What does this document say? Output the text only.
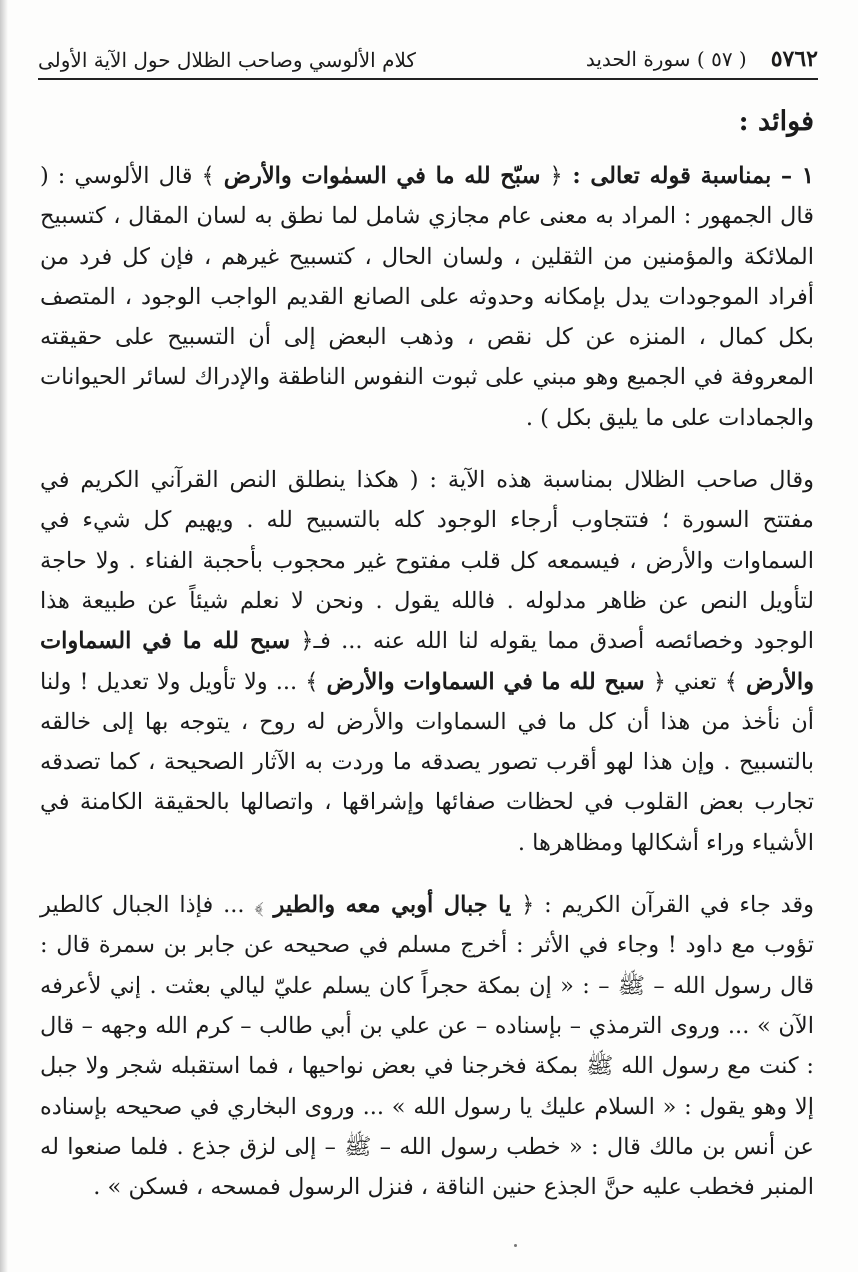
٥٧٦٢
( ٥٧ ) سورة الحديد
كلام الألوسي وصاحب الظلال حول الآية الأولى

فوائد :

١ – بمناسبة قوله تعالى : ﴿ سبّح لله ما في السمٰوات والأرض ﴾ قال الألوسي : ( قال الجمهور : المراد به معنى عام مجازي شامل لما نطق به لسان المقال ، كتسبيح الملائكة والمؤمنين من الثقلين ، ولسان الحال ، كتسبيح غيرهم ، فإن كل فرد من أفراد الموجودات يدل بإمكانه وحدوثه على الصانع القديم الواجب الوجود ، المتصف بكل كمال ، المنزه عن كل نقص ، وذهب البعض إلى أن التسبيح على حقيقته المعروفة في الجميع وهو مبني على ثبوت النفوس الناطقة والإدراك لسائر الحيوانات والجمادات على ما يليق بكل ) .

وقال صاحب الظلال بمناسبة هذه الآية : ( هكذا ينطلق النص القرآني الكريم في مفتتح السورة ؛ فتتجاوب أرجاء الوجود كله بالتسبيح لله . ويهيم كل شيء في السماوات والأرض ، فيسمعه كل قلب مفتوح غير محجوب بأحجبة الفناء . ولا حاجة لتأويل النص عن ظاهر مدلوله . فالله يقول . ونحن لا نعلم شيئاً عن طبيعة هذا الوجود وخصائصه أصدق مما يقوله لنا الله عنه ... فـ﴿ سبح لله ما في السماوات والأرض ﴾ تعني ﴿ سبح لله ما في السماوات والأرض ﴾ ... ولا تأويل ولا تعديل ! ولنا أن نأخذ من هذا أن كل ما في السماوات والأرض له روح ، يتوجه بها إلى خالقه بالتسبيح . وإن هذا لهو أقرب تصور يصدقه ما وردت به الآثار الصحيحة ، كما تصدقه تجارب بعض القلوب في لحظات صفائها وإشراقها ، واتصالها بالحقيقة الكامنة في الأشياء وراء أشكالها ومظاهرها .

وقد جاء في القرآن الكريم : ﴿ يا جبال أوبي معه والطير ﴾ ... فإذا الجبال كالطير تؤوب مع داود ! وجاء في الأثر : أخرج مسلم في صحيحه عن جابر بن سمرة قال : قال رسول الله – ﷺ – : « إن بمكة حجراً كان يسلم عليّ ليالي بعثت . إني لأعرفه الآن » ... وروى الترمذي – بإسناده – عن علي بن أبي طالب – كرم الله وجهه – قال : كنت مع رسول الله ﷺ بمكة فخرجنا في بعض نواحيها ، فما استقبله شجر ولا جبل إلا وهو يقول : « السلام عليك يا رسول الله » ... وروى البخاري في صحيحه بإسناده عن أنس بن مالك قال : « خطب رسول الله – ﷺ – إلى لزق جذع . فلما صنعوا له المنبر فخطب عليه حنَّ الجذع حنين الناقة ، فنزل الرسول فمسحه ، فسكن » .
